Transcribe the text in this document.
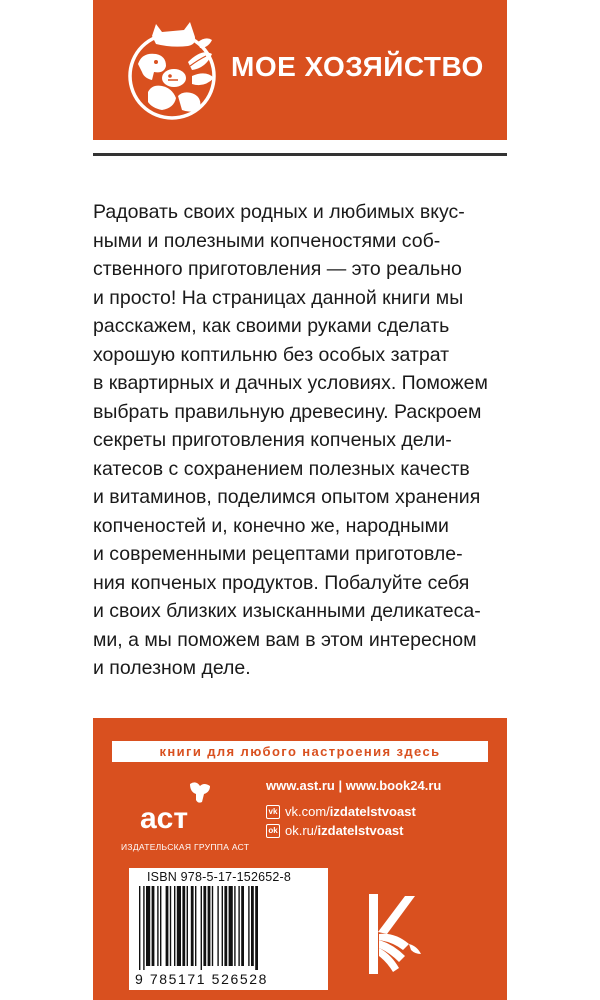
МОЕ ХОЗЯЙСТВО
Радовать своих родных и любимых вкус-
ными и полезными копченостями соб-
ственного приготовления — это реально
и просто! На страницах данной книги мы
расскажем, как своими руками сделать
хорошую коптильню без особых затрат
в квартирных и дачных условиях. Поможем
выбрать правильную древесину. Раскроем
секреты приготовления копченых дели-
катесов с сохранением полезных качеств
и витаминов, поделимся опытом хранения
копченостей и, конечно же, народными
и современными рецептами приготовле-
ния копченых продуктов. Побалуйте себя
и своих близких изысканными деликатеса-
ми, а мы поможем вам в этом интересном
и полезном деле.
книги для любого настроения здесь
аст
ИЗДАТЕЛЬСКАЯ ГРУППА АСТ
www.ast.ru | www.book24.ru
vk vk.com/ izdatelstvoast
ok ok.ru/ izdatelstvoast
ISBN 978-5-17-152652-8
9 785171 526528
